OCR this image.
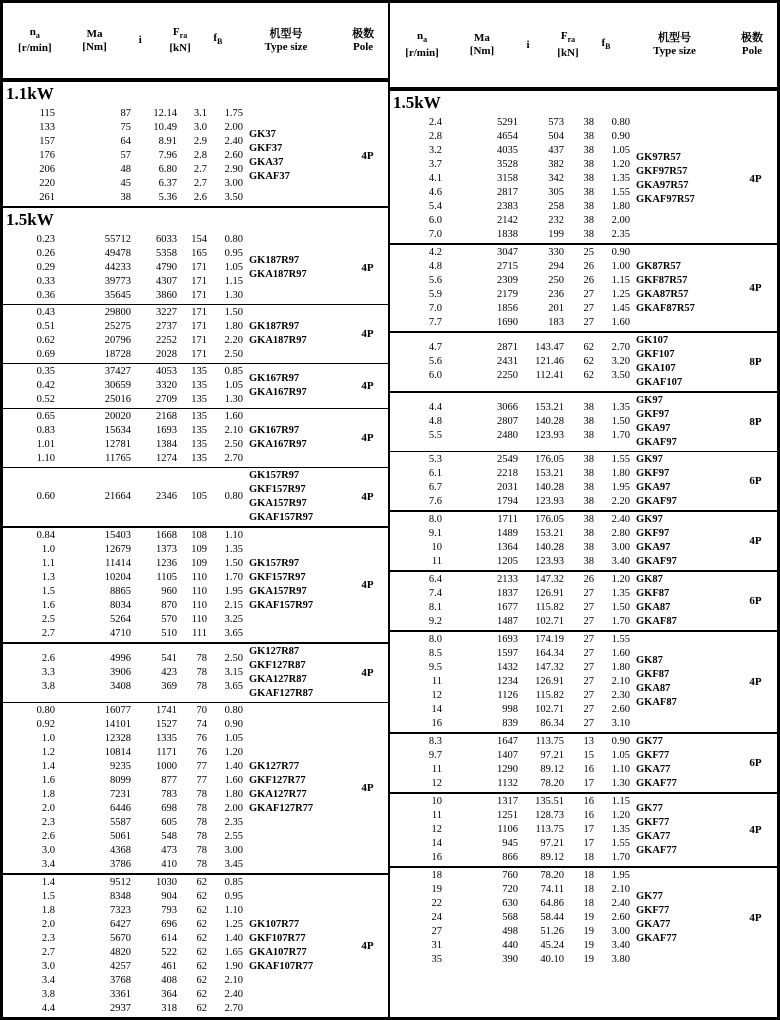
$n_a$
[r/min]
Ma
[Nm]
i
$F_{ra}$
[kN]
$f_B$
机型号
Type size
极数
Pole
1.1kW
115	87	12.14	3.1	1.75
133	75	10.49	3.0	2.00
157	64	8.91	2.9	2.40
176	57	7.96	2.8	2.60
206	48	6.80	2.7	2.90
220	45	6.37	2.7	3.00
261	38	5.36	2.6	3.50
GK37
GKF37
GKA37
GKAF37
4P
1.5kW
0.23	55712	6033	154	0.80
0.26	49478	5358	165	0.95
0.29	44233	4790	171	1.05
0.33	39773	4307	171	1.15
0.36	35645	3860	171	1.30
GK187R97
GKA187R97
4P
0.43	29800	3227	171	1.50
0.51	25275	2737	171	1.80
0.62	20796	2252	171	2.20
0.69	18728	2028	171	2.50
GK187R97
GKA187R97
4P
0.35	37427	4053	135	0.85
0.42	30659	3320	135	1.05
0.52	25016	2709	135	1.30
GK167R97
GKA167R97
4P
0.65	20020	2168	135	1.60
0.83	15634	1693	135	2.10
1.01	12781	1384	135	2.50
1.10	11765	1274	135	2.70
GK167R97
GKA167R97
4P
0.60	21664	2346	105	0.80
GK157R97
GKF157R97
GKA157R97
GKAF157R97
4P
0.84	15403	1668	108	1.10
1.0	12679	1373	109	1.35
1.1	11414	1236	109	1.50
1.3	10204	1105	110	1.70
1.5	8865	960	110	1.95
1.6	8034	870	110	2.15
2.5	5264	570	110	3.25
2.7	4710	510	111	3.65
GK157R97
GKF157R97
GKA157R97
GKAF157R97
4P
2.6	4996	541	78	2.50
3.3	3906	423	78	3.15
3.8	3408	369	78	3.65
GK127R87
GKF127R87
GKA127R87
GKAF127R87
4P
0.80	16077	1741	70	0.80
0.92	14101	1527	74	0.90
1.0	12328	1335	76	1.05
1.2	10814	1171	76	1.20
1.4	9235	1000	77	1.40
1.6	8099	877	77	1.60
1.8	7231	783	78	1.80
2.0	6446	698	78	2.00
2.3	5587	605	78	2.35
2.6	5061	548	78	2.55
3.0	4368	473	78	3.00
3.4	3786	410	78	3.45
GK127R77
GKF127R77
GKA127R77
GKAF127R77
4P
1.4	9512	1030	62	0.85
1.5	8348	904	62	0.95
1.8	7323	793	62	1.10
2.0	6427	696	62	1.25
2.3	5670	614	62	1.40
2.7	4820	522	62	1.65
3.0	4257	461	62	1.90
3.4	3768	408	62	2.10
3.8	3361	364	62	2.40
4.4	2937	318	62	2.70
GK107R77
GKF107R77
GKA107R77
GKAF107R77
4P
$n_a$
[r/min]
Ma
[Nm]
i
$F_{ra}$
[kN]
$f_B$
机型号
Type size
极数
Pole
1.5kW
2.4	5291	573	38	0.80
2.8	4654	504	38	0.90
3.2	4035	437	38	1.05
3.7	3528	382	38	1.20
4.1	3158	342	38	1.35
4.6	2817	305	38	1.55
5.4	2383	258	38	1.80
6.0	2142	232	38	2.00
7.0	1838	199	38	2.35
GK97R57
GKF97R57
GKA97R57
GKAF97R57
4P
4.2	3047	330	25	0.90
4.8	2715	294	26	1.00
5.6	2309	250	26	1.15
5.9	2179	236	27	1.25
7.0	1856	201	27	1.45
7.7	1690	183	27	1.60
GK87R57
GKF87R57
GKA87R57
GKAF87R57
4P
4.7	2871	143.47	62	2.70
5.6	2431	121.46	62	3.20
6.0	2250	112.41	62	3.50
GK107
GKF107
GKA107
GKAF107
8P
4.4	3066	153.21	38	1.35
4.8	2807	140.28	38	1.50
5.5	2480	123.93	38	1.70
GK97
GKF97
GKA97
GKAF97
8P
5.3	2549	176.05	38	1.55
6.1	2218	153.21	38	1.80
6.7	2031	140.28	38	1.95
7.6	1794	123.93	38	2.20
GK97
GKF97
GKA97
GKAF97
6P
8.0	1711	176.05	38	2.40
9.1	1489	153.21	38	2.80
10	1364	140.28	38	3.00
11	1205	123.93	38	3.40
GK97
GKF97
GKA97
GKAF97
4P
6.4	2133	147.32	26	1.20
7.4	1837	126.91	27	1.35
8.1	1677	115.82	27	1.50
9.2	1487	102.71	27	1.70
GK87
GKF87
GKA87
GKAF87
6P
8.0	1693	174.19	27	1.55
8.5	1597	164.34	27	1.60
9.5	1432	147.32	27	1.80
11	1234	126.91	27	2.10
12	1126	115.82	27	2.30
14	998	102.71	27	2.60
16	839	86.34	27	3.10
GK87
GKF87
GKA87
GKAF87
4P
8.3	1647	113.75	13	0.90
9.7	1407	97.21	15	1.05
11	1290	89.12	16	1.10
12	1132	78.20	17	1.30
GK77
GKF77
GKA77
GKAF77
6P
10	1317	135.51	16	1.15
11	1251	128.73	16	1.20
12	1106	113.75	17	1.35
14	945	97.21	17	1.55
16	866	89.12	18	1.70
GK77
GKF77
GKA77
GKAF77
4P
18	760	78.20	18	1.95
19	720	74.11	18	2.10
22	630	64.86	18	2.40
24	568	58.44	19	2.60
27	498	51.26	19	3.00
31	440	45.24	19	3.40
35	390	40.10	19	3.80
GK77
GKF77
GKA77
GKAF77
4P
